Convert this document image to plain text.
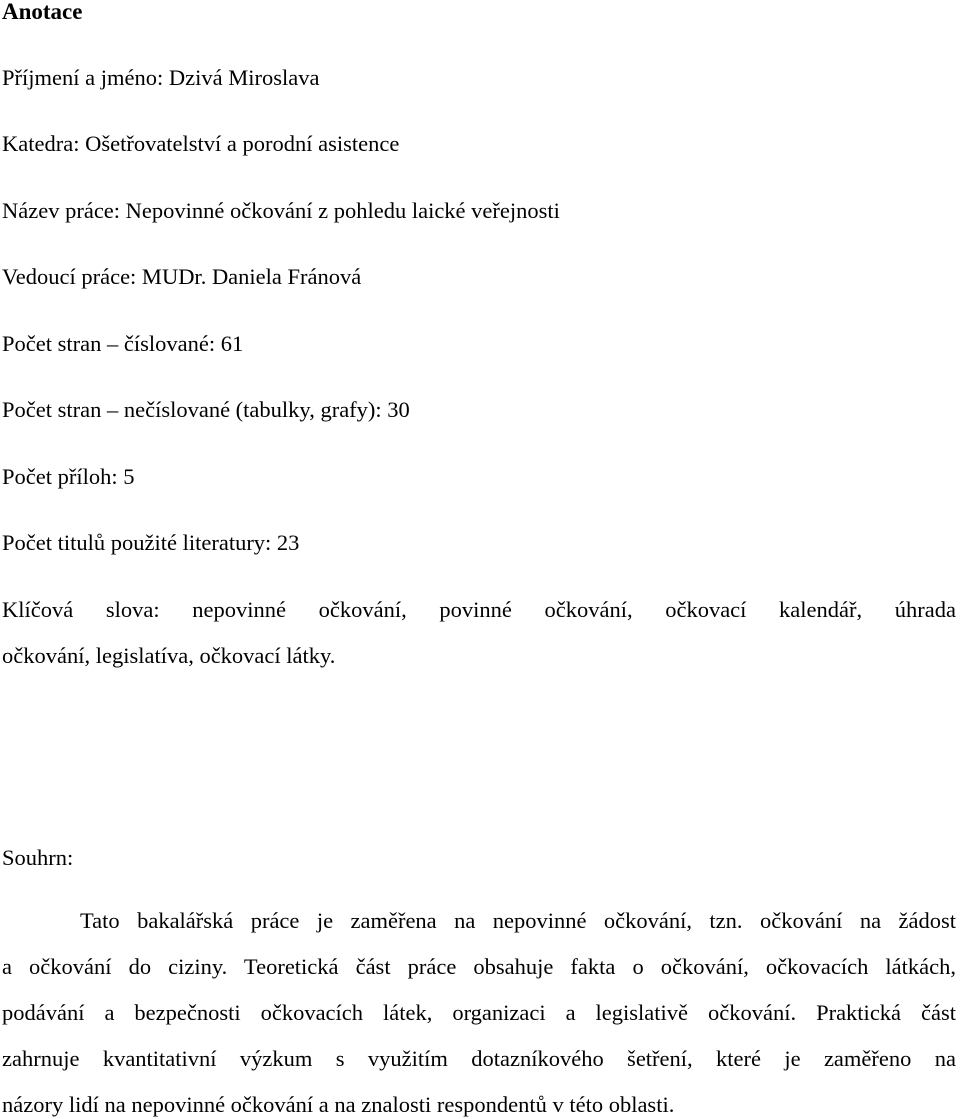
Anotace
Příjmení a jméno: Dzivá Miroslava
Katedra: Ošetřovatelství a porodní asistence
Název práce: Nepovinné očkování z pohledu laické veřejnosti
Vedoucí práce: MUDr. Daniela Fránová
Počet stran – číslované: 61
Počet stran – nečíslované (tabulky, grafy): 30
Počet příloh: 5
Počet titulů použité literatury: 23
Klíčová slova: nepovinné očkování, povinné očkování, očkovací kalendář, úhrada
očkování, legislatíva, očkovací látky.
Souhrn:
Tato bakalářská práce je zaměřena na nepovinné očkování, tzn. očkování na žádost
a očkování do ciziny. Teoretická část práce obsahuje fakta o očkování, očkovacích látkách,
podávání a bezpečnosti očkovacích látek, organizaci a legislativě očkování. Praktická část
zahrnuje kvantitativní výzkum s využitím dotazníkového šetření, které je zaměřeno na
názory lidí na nepovinné očkování a na znalosti respondentů v této oblasti.
